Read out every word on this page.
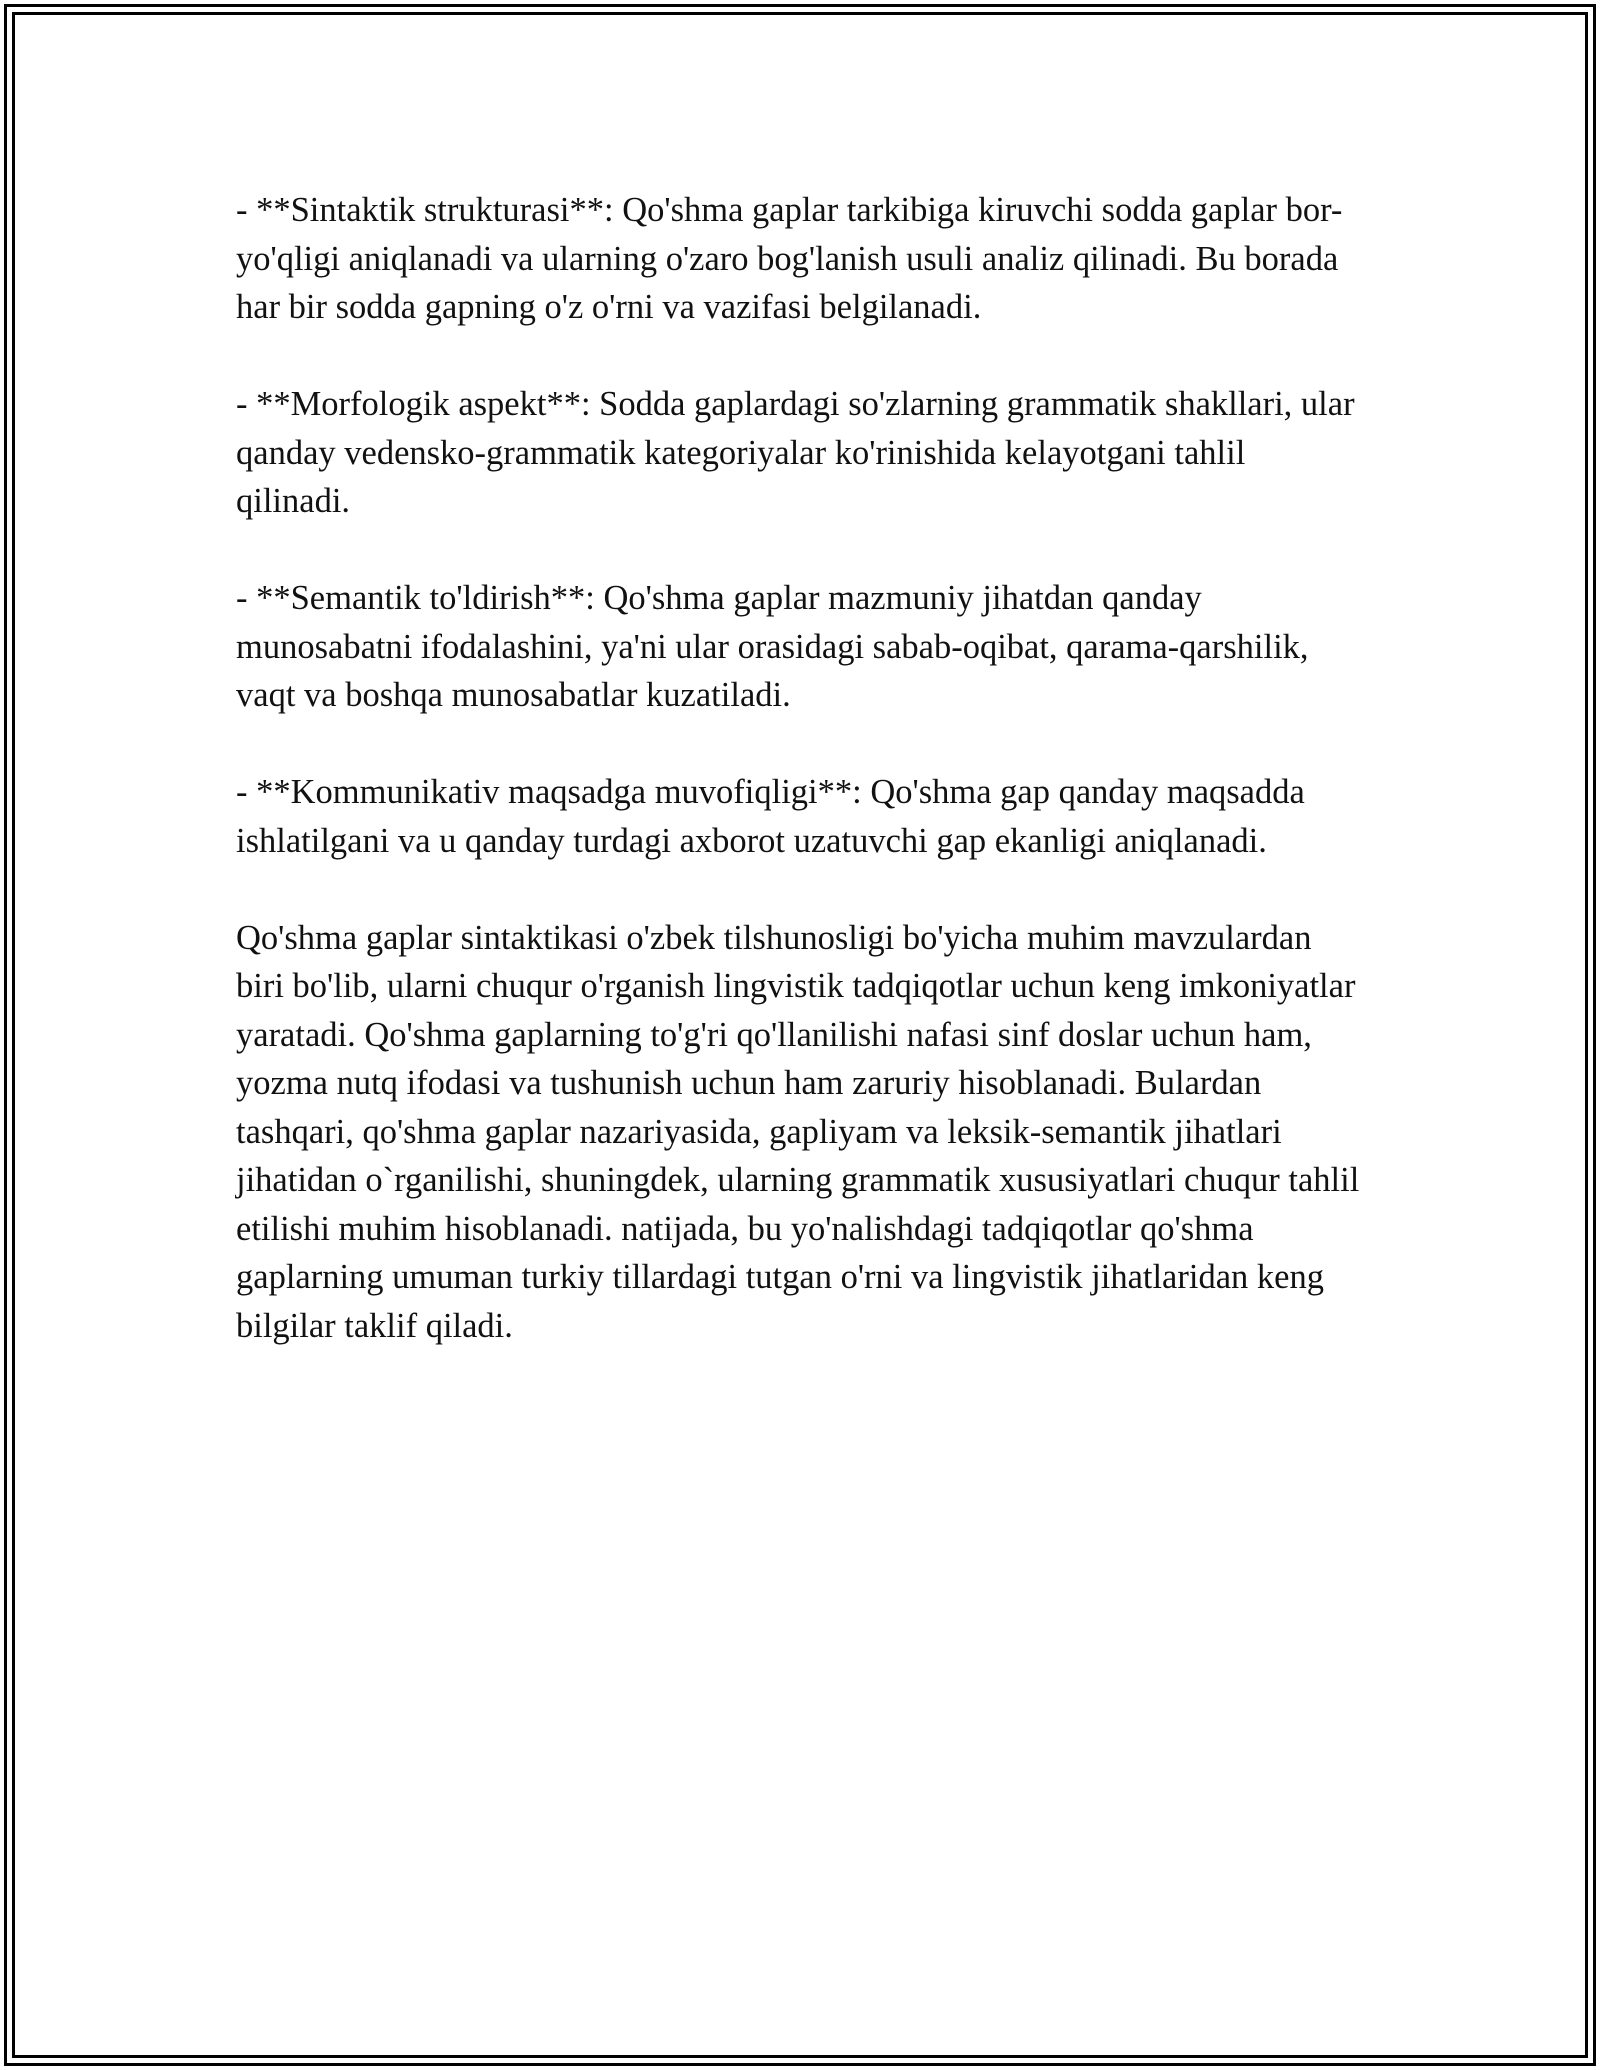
- **Sintaktik strukturasi**: Qo'shma gaplar tarkibiga kiruvchi sodda gaplar bor-yo'qligi aniqlanadi va ularning o'zaro bog'lanish usuli analiz qilinadi. Bu borada har bir sodda gapning o'z o'rni va vazifasi belgilanadi.

- **Morfologik aspekt**: Sodda gaplardagi so'zlarning grammatik shakllari, ular qanday vedensko-grammatik kategoriyalar ko'rinishida kelayotgani tahlil qilinadi.

- **Semantik to'ldirish**: Qo'shma gaplar mazmuniy jihatdan qanday munosabatni ifodalashini, ya'ni ular orasidagi sabab-oqibat, qarama-qarshilik, vaqt va boshqa munosabatlar kuzatiladi.

- **Kommunikativ maqsadga muvofiqligi**: Qo'shma gap qanday maqsadda ishlatilgani va u qanday turdagi axborot uzatuvchi gap ekanligi aniqlanadi.

Qo'shma gaplar sintaktikasi o'zbek tilshunosligi bo'yicha muhim mavzulardan biri bo'lib, ularni chuqur o'rganish lingvistik tadqiqotlar uchun keng imkoniyatlar yaratadi. Qo'shma gaplarning to'g'ri qo'llanilishi nafasi sinf doslar uchun ham, yozma nutq ifodasi va tushunish uchun ham zaruriy hisoblanadi. Bulardan tashqari, qo'shma gaplar nazariyasida, gapliyam va leksik-semantik jihatlari jihatidan o`rganilishi, shuningdek, ularning grammatik xususiyatlari chuqur tahlil etilishi muhim hisoblanadi. natijada, bu yo'nalishdagi tadqiqotlar qo'shma gaplarning umuman turkiy tillardagi tutgan o'rni va lingvistik jihatlaridan keng bilgilar taklif qiladi.
